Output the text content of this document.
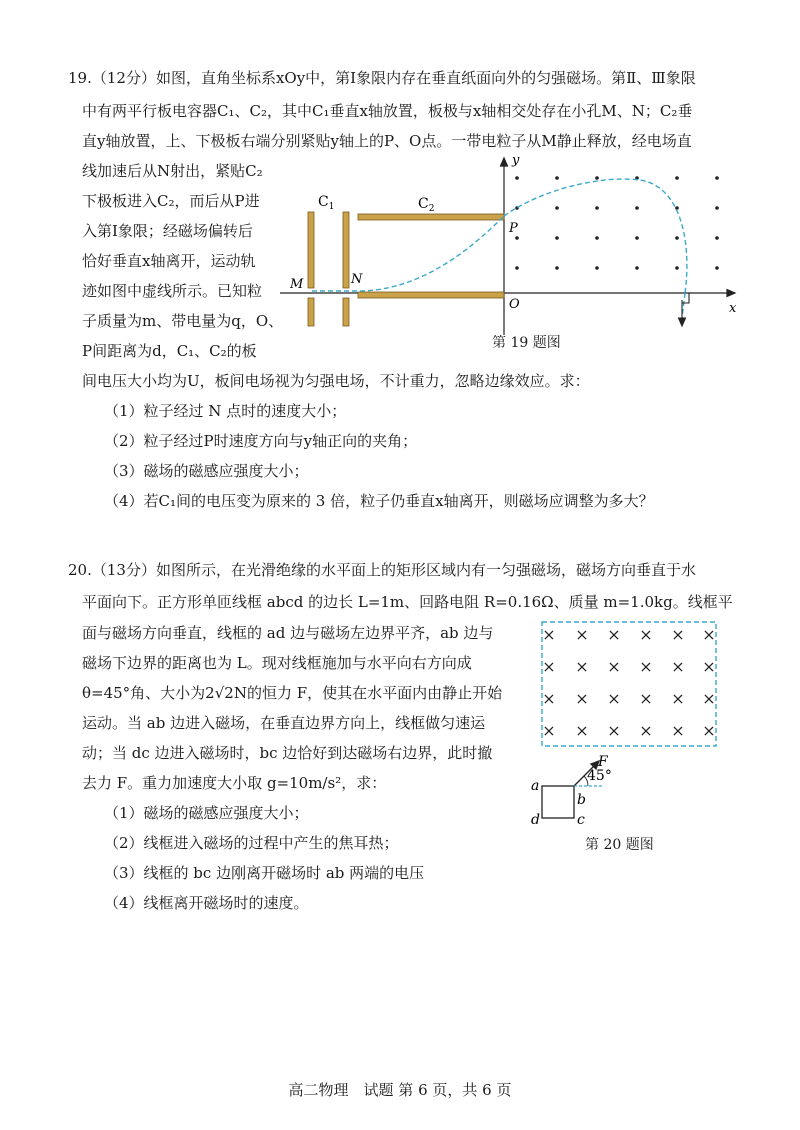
19.（12分）如图，直角坐标系xOy中，第Ⅰ象限内存在垂直纸面向外的匀强磁场。第Ⅱ、Ⅲ象限
中有两平行板电容器C₁、C₂，其中C₁垂直x轴放置，板极与x轴相交处存在小孔M、N；C₂垂
直y轴放置，上、下极板右端分别紧贴y轴上的P、O点。一带电粒子从M静止释放，经电场直
线加速后从N射出，紧贴C₂
下极板进入C₂，而后从P进
入第Ⅰ象限；经磁场偏转后
恰好垂直x轴离开，运动轨
迹如图中虚线所示。已知粒
子质量为m、带电量为q，O、
P间距离为d，C₁、C₂的板
间电压大小均为U，板间电场视为匀强电场，不计重力，忽略边缘效应。求：
（1）粒子经过 N 点时的速度大小；
（2）粒子经过P时速度方向与y轴正向的夹角；
（3）磁场的磁感应强度大小；
（4）若C₁间的电压变为原来的 3 倍，粒子仍垂直x轴离开，则磁场应调整为多大？
$C_1$	$C_2$
M	N
P
O	x
y
第 19 题图
20.（13分）如图所示，在光滑绝缘的水平面上的矩形区域内有一匀强磁场，磁场方向垂直于水
平面向下。正方形单匝线框 abcd 的边长 L=1m、回路电阻 R=0.16Ω、质量 m=1.0kg。线框平
面与磁场方向垂直，线框的 ad 边与磁场左边界平齐，ab 边与
磁场下边界的距离也为 L。现对线框施加与水平向右方向成
θ=45°角、大小为2√2N的恒力 F，使其在水平面内由静止开始
运动。当 ab 边进入磁场，在垂直边界方向上，线框做匀速运
动；当 dc 边进入磁场时，bc 边恰好到达磁场右边界，此时撤
去力 F。重力加速度大小取 g=10m/s²，求：
（1）磁场的磁感应强度大小；
（2）线框进入磁场的过程中产生的焦耳热；
（3）线框的 bc 边刚离开磁场时 ab 两端的电压
（4）线框离开磁场时的速度。
× × × × × ×
× × × × × ×
× × × × × ×
× × × × × ×
a
b
c
d
F
45°
第 20 题图
高二物理　试题 第 6 页，共 6 页
